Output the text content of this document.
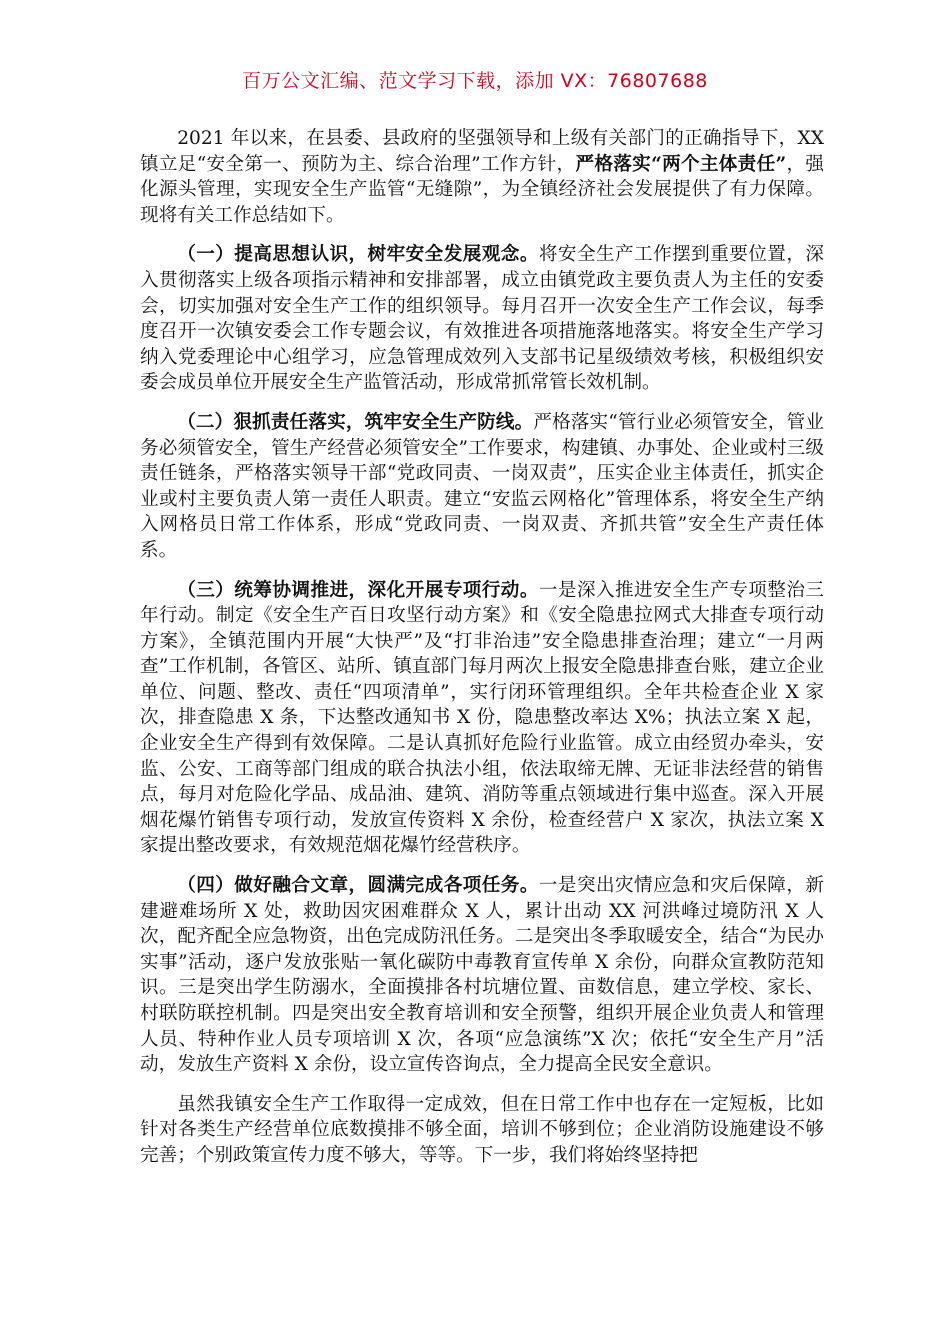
百万公文汇编、范文学习下载，添加 VX：76807688

2021 年以来，在县委、县政府的坚强领导和上级有关部门的正确指导下，XX 镇立足“安全第一、预防为主、综合治理”工作方针，严格落实“两个主体责任”，强化源头管理，实现安全生产监管“无缝隙”，为全镇经济社会发展提供了有力保障。现将有关工作总结如下。

（一）提高思想认识，树牢安全发展观念。将安全生产工作摆到重要位置，深入贯彻落实上级各项指示精神和安排部署，成立由镇党政主要负责人为主任的安委会，切实加强对安全生产工作的组织领导。每月召开一次安全生产工作会议，每季度召开一次镇安委会工作专题会议，有效推进各项措施落地落实。将安全生产学习纳入党委理论中心组学习，应急管理成效列入支部书记星级绩效考核，积极组织安委会成员单位开展安全生产监管活动，形成常抓常管长效机制。

（二）狠抓责任落实，筑牢安全生产防线。严格落实“管行业必须管安全，管业务必须管安全，管生产经营必须管安全”工作要求，构建镇、办事处、企业或村三级责任链条，严格落实领导干部“党政同责、一岗双责”，压实企业主体责任，抓实企业或村主要负责人第一责任人职责。建立“安监云网格化”管理体系，将安全生产纳入网格员日常工作体系，形成“党政同责、一岗双责、齐抓共管”安全生产责任体系。

（三）统筹协调推进，深化开展专项行动。一是深入推进安全生产专项整治三年行动。制定《安全生产百日攻坚行动方案》和《安全隐患拉网式大排查专项行动方案》，全镇范围内开展“大快严”及“打非治违”安全隐患排查治理；建立“一月两查”工作机制，各管区、站所、镇直部门每月两次上报安全隐患排查台账，建立企业单位、问题、整改、责任“四项清单”，实行闭环管理组织。全年共检查企业 X 家次，排查隐患 X 条，下达整改通知书 X 份，隐患整改率达 X%；执法立案 X 起，企业安全生产得到有效保障。二是认真抓好危险行业监管。成立由经贸办牵头，安监、公安、工商等部门组成的联合执法小组，依法取缔无牌、无证非法经营的销售点，每月对危险化学品、成品油、建筑、消防等重点领域进行集中巡查。深入开展烟花爆竹销售专项行动，发放宣传资料 X 余份，检查经营户 X 家次，执法立案 X 家提出整改要求，有效规范烟花爆竹经营秩序。

（四）做好融合文章，圆满完成各项任务。一是突出灾情应急和灾后保障，新建避难场所 X 处，救助因灾困难群众 X 人，累计出动 XX 河洪峰过境防汛 X 人次，配齐配全应急物资，出色完成防汛任务。二是突出冬季取暖安全，结合“为民办实事”活动，逐户发放张贴一氧化碳防中毒教育宣传单 X 余份，向群众宣教防范知识。三是突出学生防溺水，全面摸排各村坑塘位置、亩数信息，建立学校、家长、村联防联控机制。四是突出安全教育培训和安全预警，组织开展企业负责人和管理人员、特种作业人员专项培训 X 次，各项“应急演练”X 次；依托“安全生产月”活动，发放生产资料 X 余份，设立宣传咨询点，全力提高全民安全意识。

虽然我镇安全生产工作取得一定成效，但在日常工作中也存在一定短板，比如针对各类生产经营单位底数摸排不够全面，培训不够到位；企业消防设施建设不够完善；个别政策宣传力度不够大，等等。下一步，我们将始终坚持把
